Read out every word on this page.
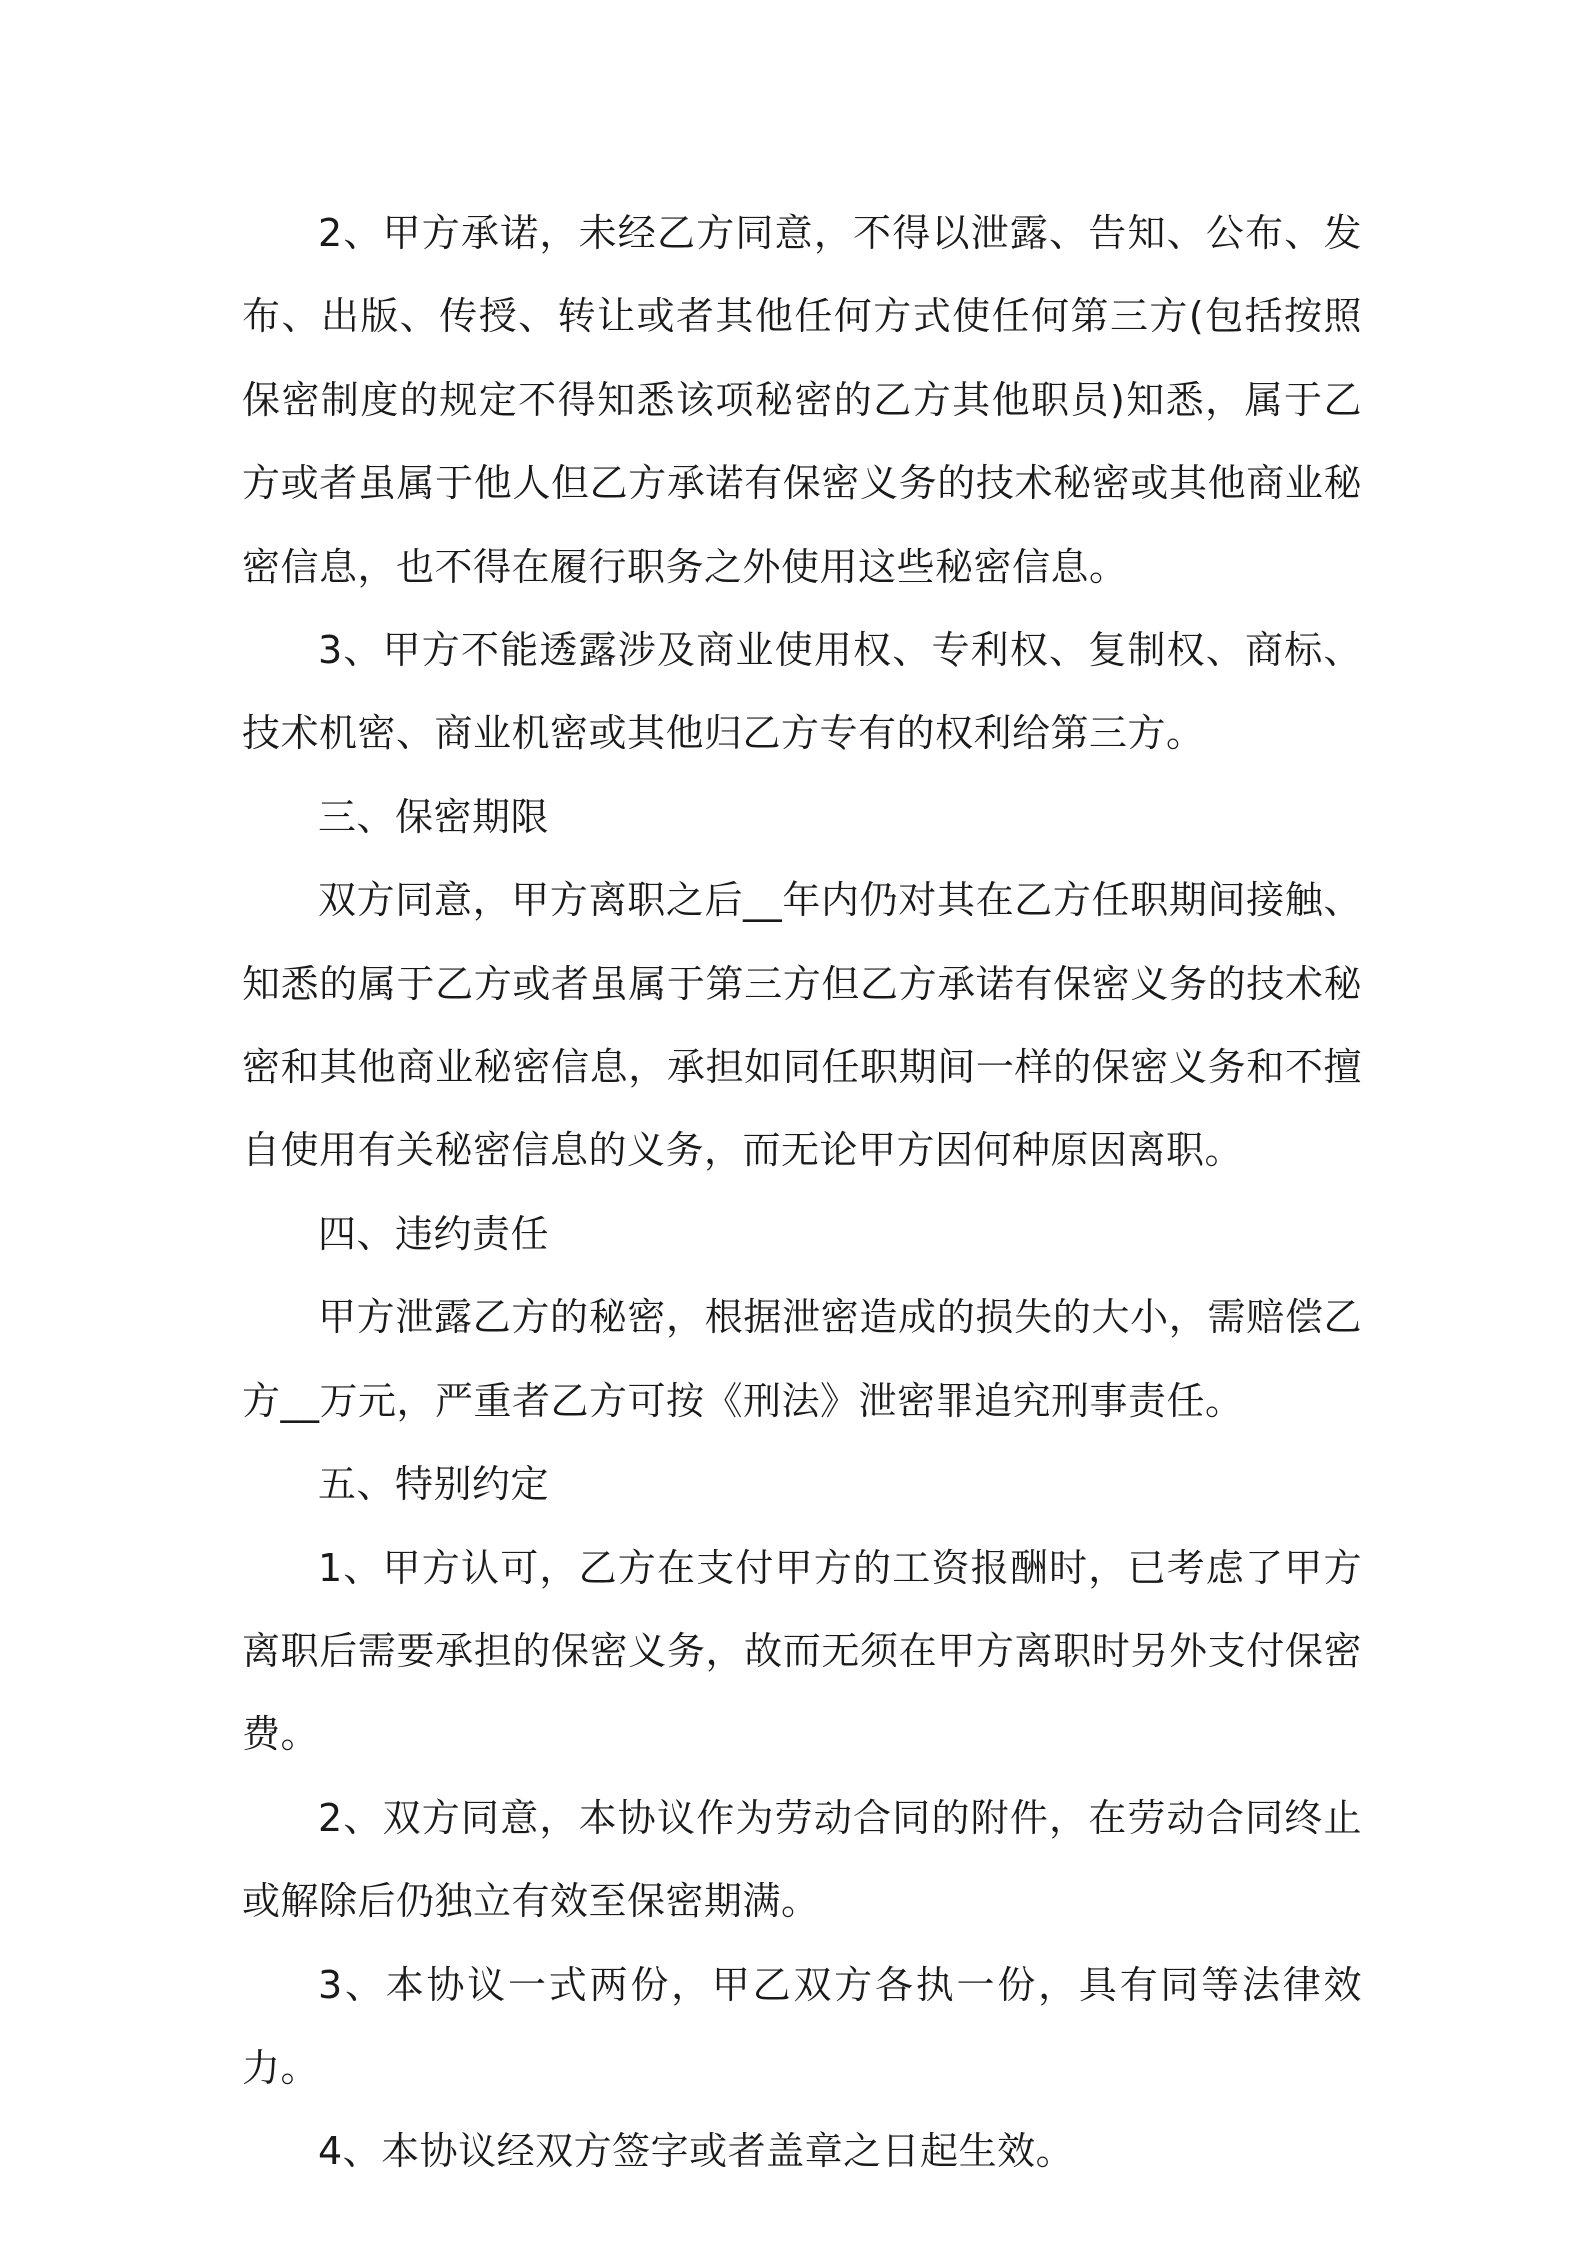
2、甲方承诺，未经乙方同意，不得以泄露、告知、公布、发布、出版、传授、转让或者其他任何方式使任何第三方(包括按照保密制度的规定不得知悉该项秘密的乙方其他职员)知悉，属于乙方或者虽属于他人但乙方承诺有保密义务的技术秘密或其他商业秘密信息，也不得在履行职务之外使用这些秘密信息。

3、甲方不能透露涉及商业使用权、专利权、复制权、商标、技术机密、商业机密或其他归乙方专有的权利给第三方。

三、保密期限

双方同意，甲方离职之后__年内仍对其在乙方任职期间接触、知悉的属于乙方或者虽属于第三方但乙方承诺有保密义务的技术秘密和其他商业秘密信息，承担如同任职期间一样的保密义务和不擅自使用有关秘密信息的义务，而无论甲方因何种原因离职。

四、违约责任

甲方泄露乙方的秘密，根据泄密造成的损失的大小，需赔偿乙方__万元，严重者乙方可按《刑法》泄密罪追究刑事责任。

五、特别约定

1、甲方认可，乙方在支付甲方的工资报酬时，已考虑了甲方离职后需要承担的保密义务，故而无须在甲方离职时另外支付保密费。

2、双方同意，本协议作为劳动合同的附件，在劳动合同终止或解除后仍独立有效至保密期满。

3、本协议一式两份，甲乙双方各执一份，具有同等法律效力。

4、本协议经双方签字或者盖章之日起生效。
